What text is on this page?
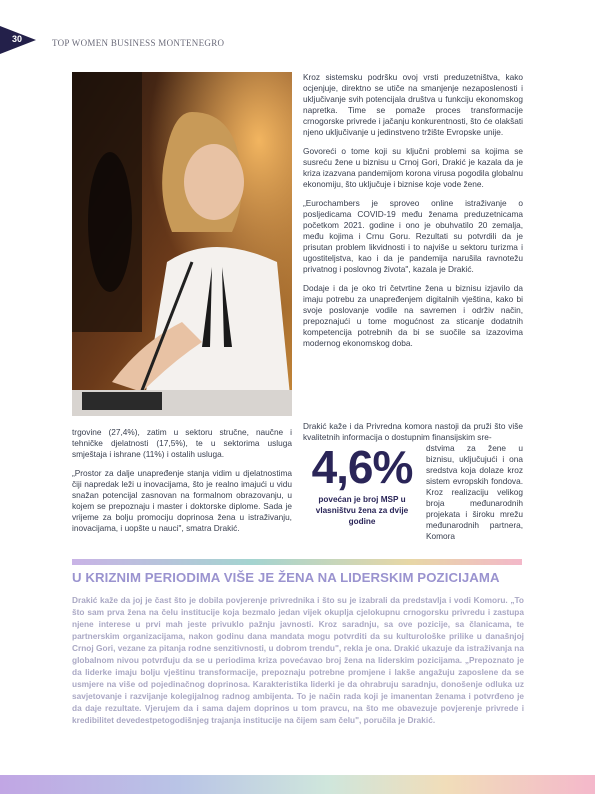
30	TOP WOMEN BUSINESS MONTENEGRO

Kroz sistemsku podršku ovoj vrsti preduzetništva, kako ocjenjuje, direktno se utiče na smanjenje nezaposlenosti i uključivanje svih potencijala društva u funkciju ekonomskog napretka. Time se pomaže proces transformacije crnogorske privrede i jačanju konkurentnosti, što će olakšati njeno uključivanje u jedinstveno tržište Evropske unije.

Govoreći o tome koji su ključni problemi sa kojima se susreću žene u biznisu u Crnoj Gori, Drakić je kazala da je kriza izazvana pandemijom korona virusa pogodila globalnu ekonomiju, što uključuje i biznise koje vode žene.

„Eurochambers je sproveo online istraživanje o posljedicama COVID-19 među ženama preduzetnicama početkom 2021. godine i ono je obuhvatilo 20 zemalja, među kojima i Crnu Goru. Rezultati su potvrdili da je prisutan problem likvidnosti i to najviše u sektoru turizma i ugostiteljstva, kao i da je pandemija narušila ravnotežu privatnog i poslovnog života", kazala je Drakić.

Dodaje i da je oko tri četvrtine žena u biznisu izjavilo da imaju potrebu za unapređenjem digitalnih vještina, kako bi svoje poslovanje vodile na savremen i održiv način, prepoznajući u tome mogućnost za sticanje dodatnih kompetencija potrebnih da bi se suočile sa izazovima modernog ekonomskog doba.

Drakić kaže i da Privredna komora nastoji da pruži što više kvalitetnih informacija o dostupnim finansijskim sre-
4,6%
povećan je broj MSP u vlasništvu žena za dvije godine
dstvima za žene u biznisu, uključujući i ona sredstva koja dolaze kroz sistem evropskih fondova. Kroz realizaciju velikog broja međunarodnih projekata i široku mrežu međunarodnih partnera, Komora

trgovine (27,4%), zatim u sektoru stručne, naučne i tehničke djelatnosti (17,5%), te u sektorima usluga smještaja i ishrane (11%) i ostalih usluga.

„Prostor za dalje unapređenje stanja vidim u djelatnostima čiji napredak leži u inovacijama, što je realno imajući u vidu snažan potencijal zasnovan na formalnom obrazovanju, u kojem se prepoznaju i master i doktorske diplome. Sada je vrijeme za bolju promociju doprinosa žena u istraživanju, inovacijama, i uopšte u nauci", smatra Drakić.

U KRIZNIM PERIODIMA VIŠE JE ŽENA NA LIDERSKIM POZICIJAMA
Drakić kaže da joj je čast što je dobila povjerenje privrednika i što su je izabrali da predstavlja i vodi Komoru. „To što sam prva žena na čelu institucije koja bezmalo jedan vijek okuplja cjelokupnu crnogorsku privredu i zastupa njene interese u prvi mah jeste privuklo pažnju javnosti. Kroz saradnju, sa ove pozicije, sa članicama, te partnerskim organizacijama, nakon godinu dana mandata mogu potvrditi da su kulturološke prilike u današnjoj Crnoj Gori, vezane za pitanja rodne senzitivnosti, u dobrom trendu", rekla je ona. Drakić ukazuje da istraživanja na globalnom nivou potvrđuju da se u periodima kriza povećavao broj žena na liderskim pozicijama. „Prepoznato je da liderke imaju bolju vještinu transformacije, prepoznaju potrebne promjene i lakše angažuju zaposlene da se usmjere na više od pojedinačnog doprinosa. Karakteristika liderki je da ohrabruju saradnju, donošenje odluka uz savjetovanje i razvijanje kolegijalnog radnog ambijenta. To je način rada koji je imanentan ženama i potvrđeno je da daje rezultate. Vjerujem da i sama dajem doprinos u tom pravcu, na što me obavezuje povjerenje privrede i kredibilitet devedestpetogodišnjeg trajanja institucije na čijem sam čelu", poručila je Drakić.
